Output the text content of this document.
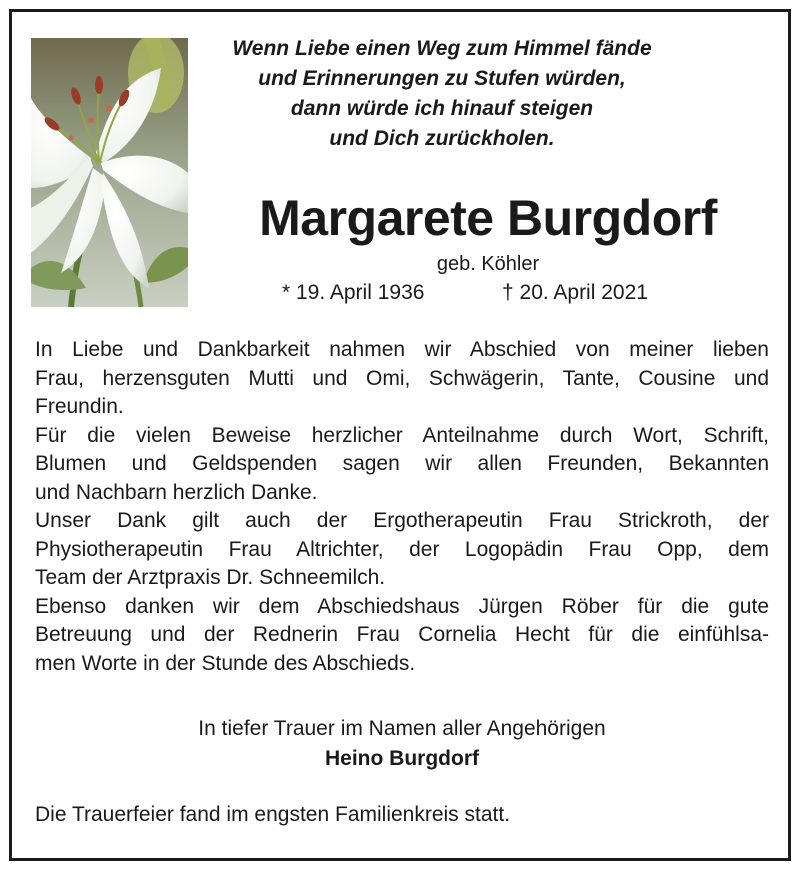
Wenn Liebe einen Weg zum Himmel fände
und Erinnerungen zu Stufen würden,
dann würde ich hinauf steigen
und Dich zurückholen.
Margarete Burgdorf
geb. Köhler
* 19. April 1936	† 20. April 2021
In Liebe und Dankbarkeit nahmen wir Abschied von meiner lieben
Frau, herzensguten Mutti und Omi, Schwägerin, Tante, Cousine und
Freundin.
Für die vielen Beweise herzlicher Anteilnahme durch Wort, Schrift,
Blumen und Geldspenden sagen wir allen Freunden, Bekannten
und Nachbarn herzlich Danke.
Unser Dank gilt auch der Ergotherapeutin Frau Strickroth, der
Physiotherapeutin Frau Altrichter, der Logopädin Frau Opp, dem
Team der Arztpraxis Dr. Schneemilch.
Ebenso danken wir dem Abschiedshaus Jürgen Röber für die gute
Betreuung und der Rednerin Frau Cornelia Hecht für die einfühlsa-
men Worte in der Stunde des Abschieds.
In tiefer Trauer im Namen aller Angehörigen
Heino Burgdorf
Die Trauerfeier fand im engsten Familienkreis statt.
